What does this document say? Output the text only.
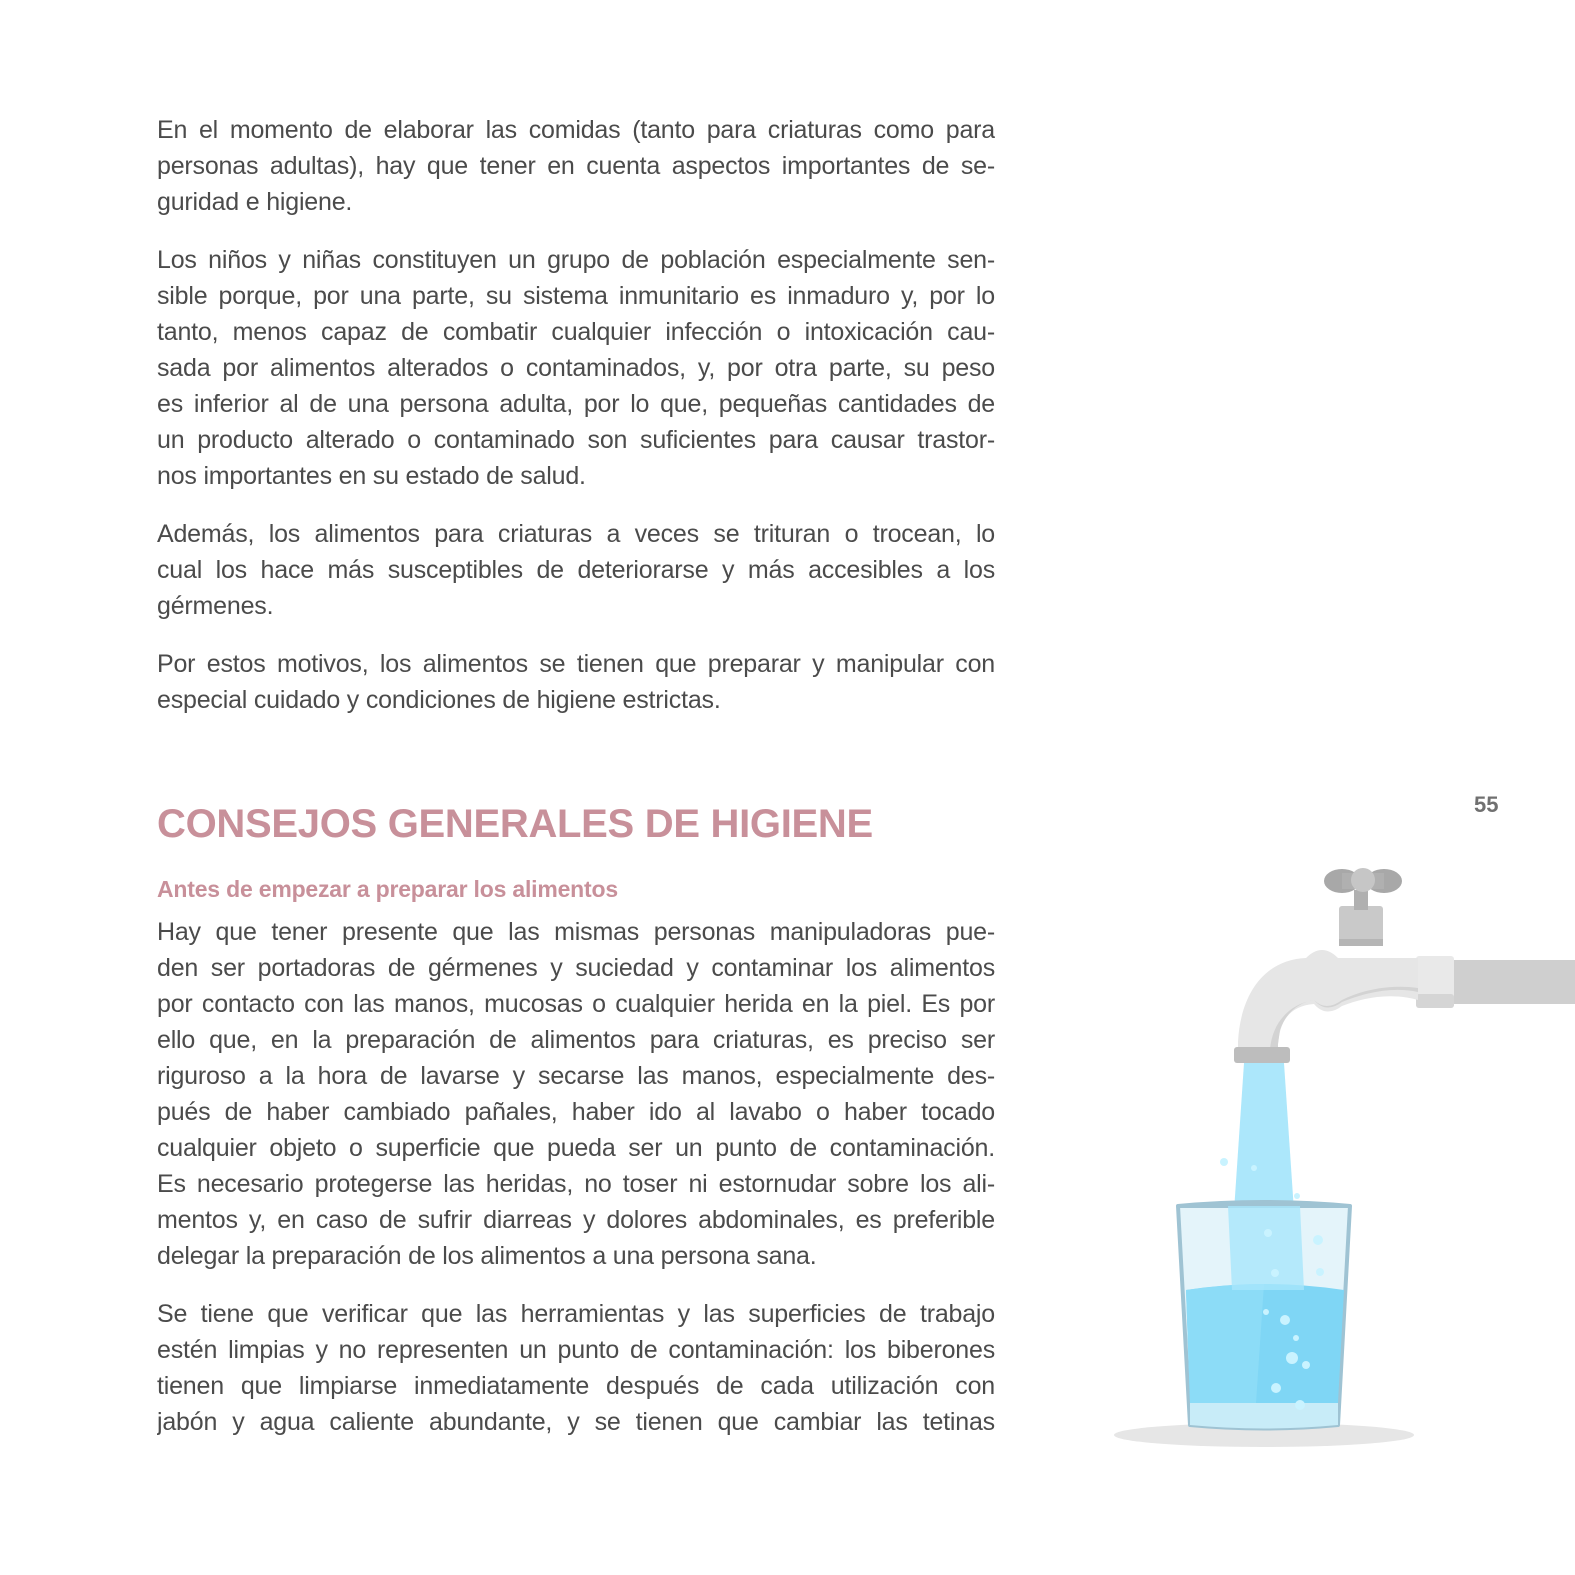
En el momento de elaborar las comidas (tanto para criaturas como para
personas adultas), hay que tener en cuenta aspectos importantes de se-
guridad e higiene.

Los niños y niñas constituyen un grupo de población especialmente sen-
sible porque, por una parte, su sistema inmunitario es inmaduro y, por lo
tanto, menos capaz de combatir cualquier infección o intoxicación cau-
sada por alimentos alterados o contaminados, y, por otra parte, su peso
es inferior al de una persona adulta, por lo que, pequeñas cantidades de
un producto alterado o contaminado son suficientes para causar trastor-
nos importantes en su estado de salud.

Además, los alimentos para criaturas a veces se trituran o trocean, lo
cual los hace más susceptibles de deteriorarse y más accesibles a los
gérmenes.

Por estos motivos, los alimentos se tienen que preparar y manipular con
especial cuidado y condiciones de higiene estrictas.

CONSEJOS GENERALES DE HIGIENE
Antes de empezar a preparar los alimentos

Hay que tener presente que las mismas personas manipuladoras pue-
den ser portadoras de gérmenes y suciedad y contaminar los alimentos
por contacto con las manos, mucosas o cualquier herida en la piel. Es por
ello que, en la preparación de alimentos para criaturas, es preciso ser
riguroso a la hora de lavarse y secarse las manos, especialmente des-
pués de haber cambiado pañales, haber ido al lavabo o haber tocado
cualquier objeto o superficie que pueda ser un punto de contaminación.
Es necesario protegerse las heridas, no toser ni estornudar sobre los ali-
mentos y, en caso de sufrir diarreas y dolores abdominales, es preferible
delegar la preparación de los alimentos a una persona sana.

Se tiene que verificar que las herramientas y las superficies de trabajo
estén limpias y no representen un punto de contaminación: los biberones
tienen que limpiarse inmediatamente después de cada utilización con
jabón y agua caliente abundante, y se tienen que cambiar las tetinas

55
